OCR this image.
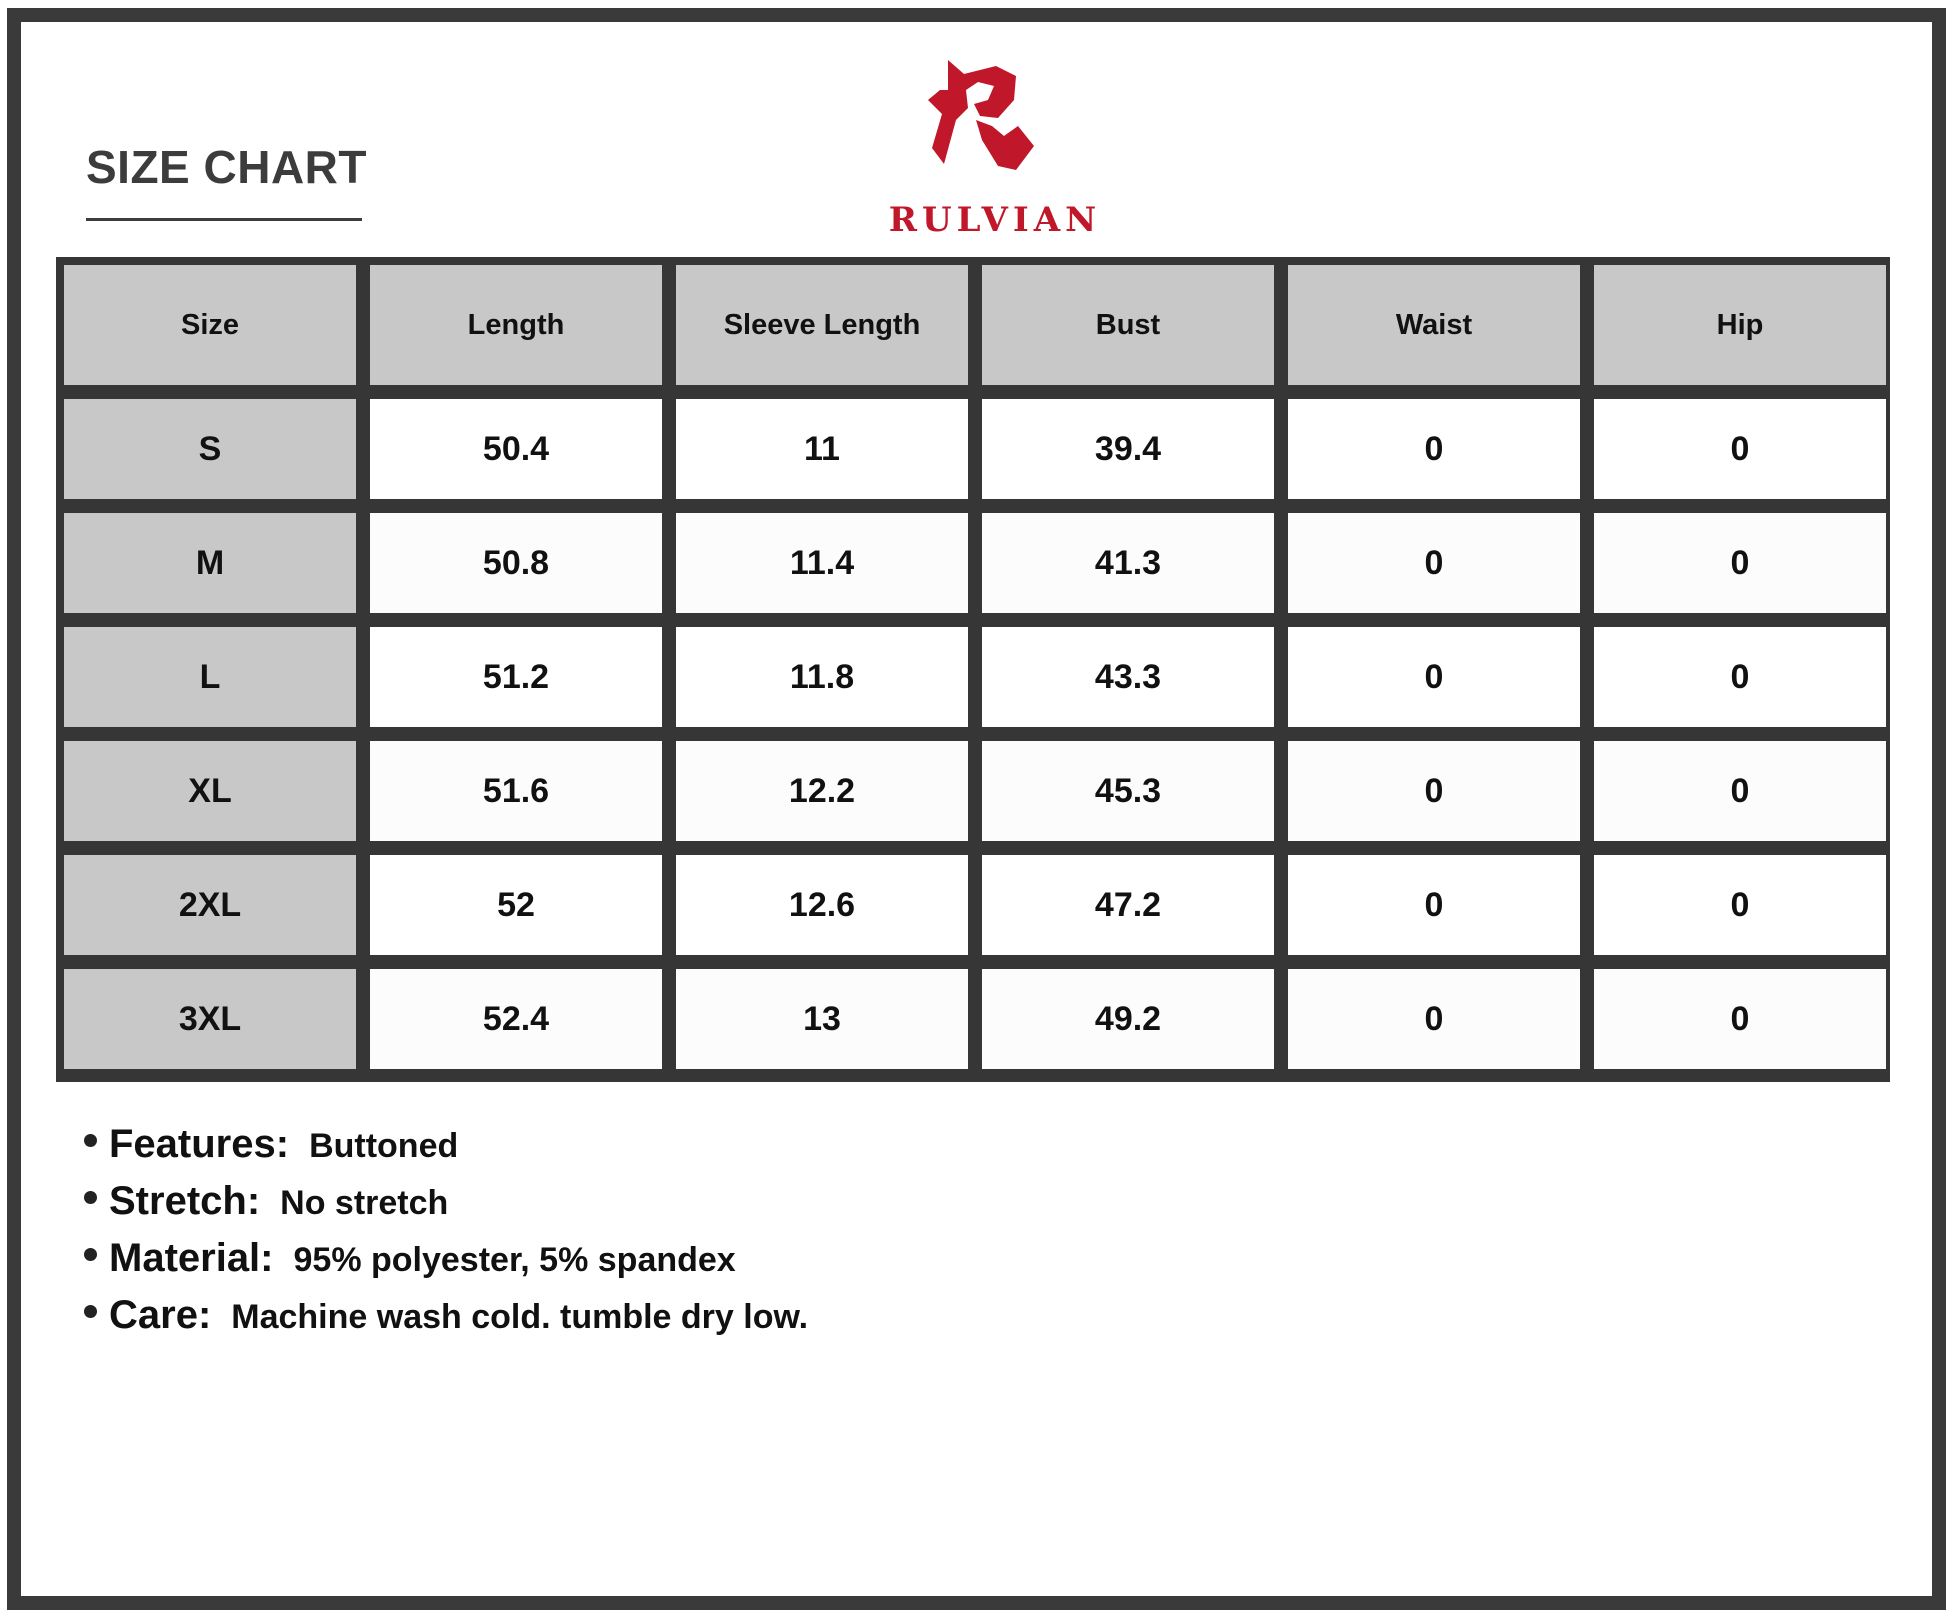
SIZE CHART
RULVIAN
Size	Length	Sleeve Length	Bust	Waist	Hip
S	50.4	11	39.4	0	0
M	50.8	11.4	41.3	0	0
L	51.2	11.8	43.3	0	0
XL	51.6	12.2	45.3	0	0
2XL	52	12.6	47.2	0	0
3XL	52.4	13	49.2	0	0
Features: Buttoned
Stretch: No stretch
Material: 95% polyester, 5% spandex
Care: Machine wash cold. tumble dry low.
